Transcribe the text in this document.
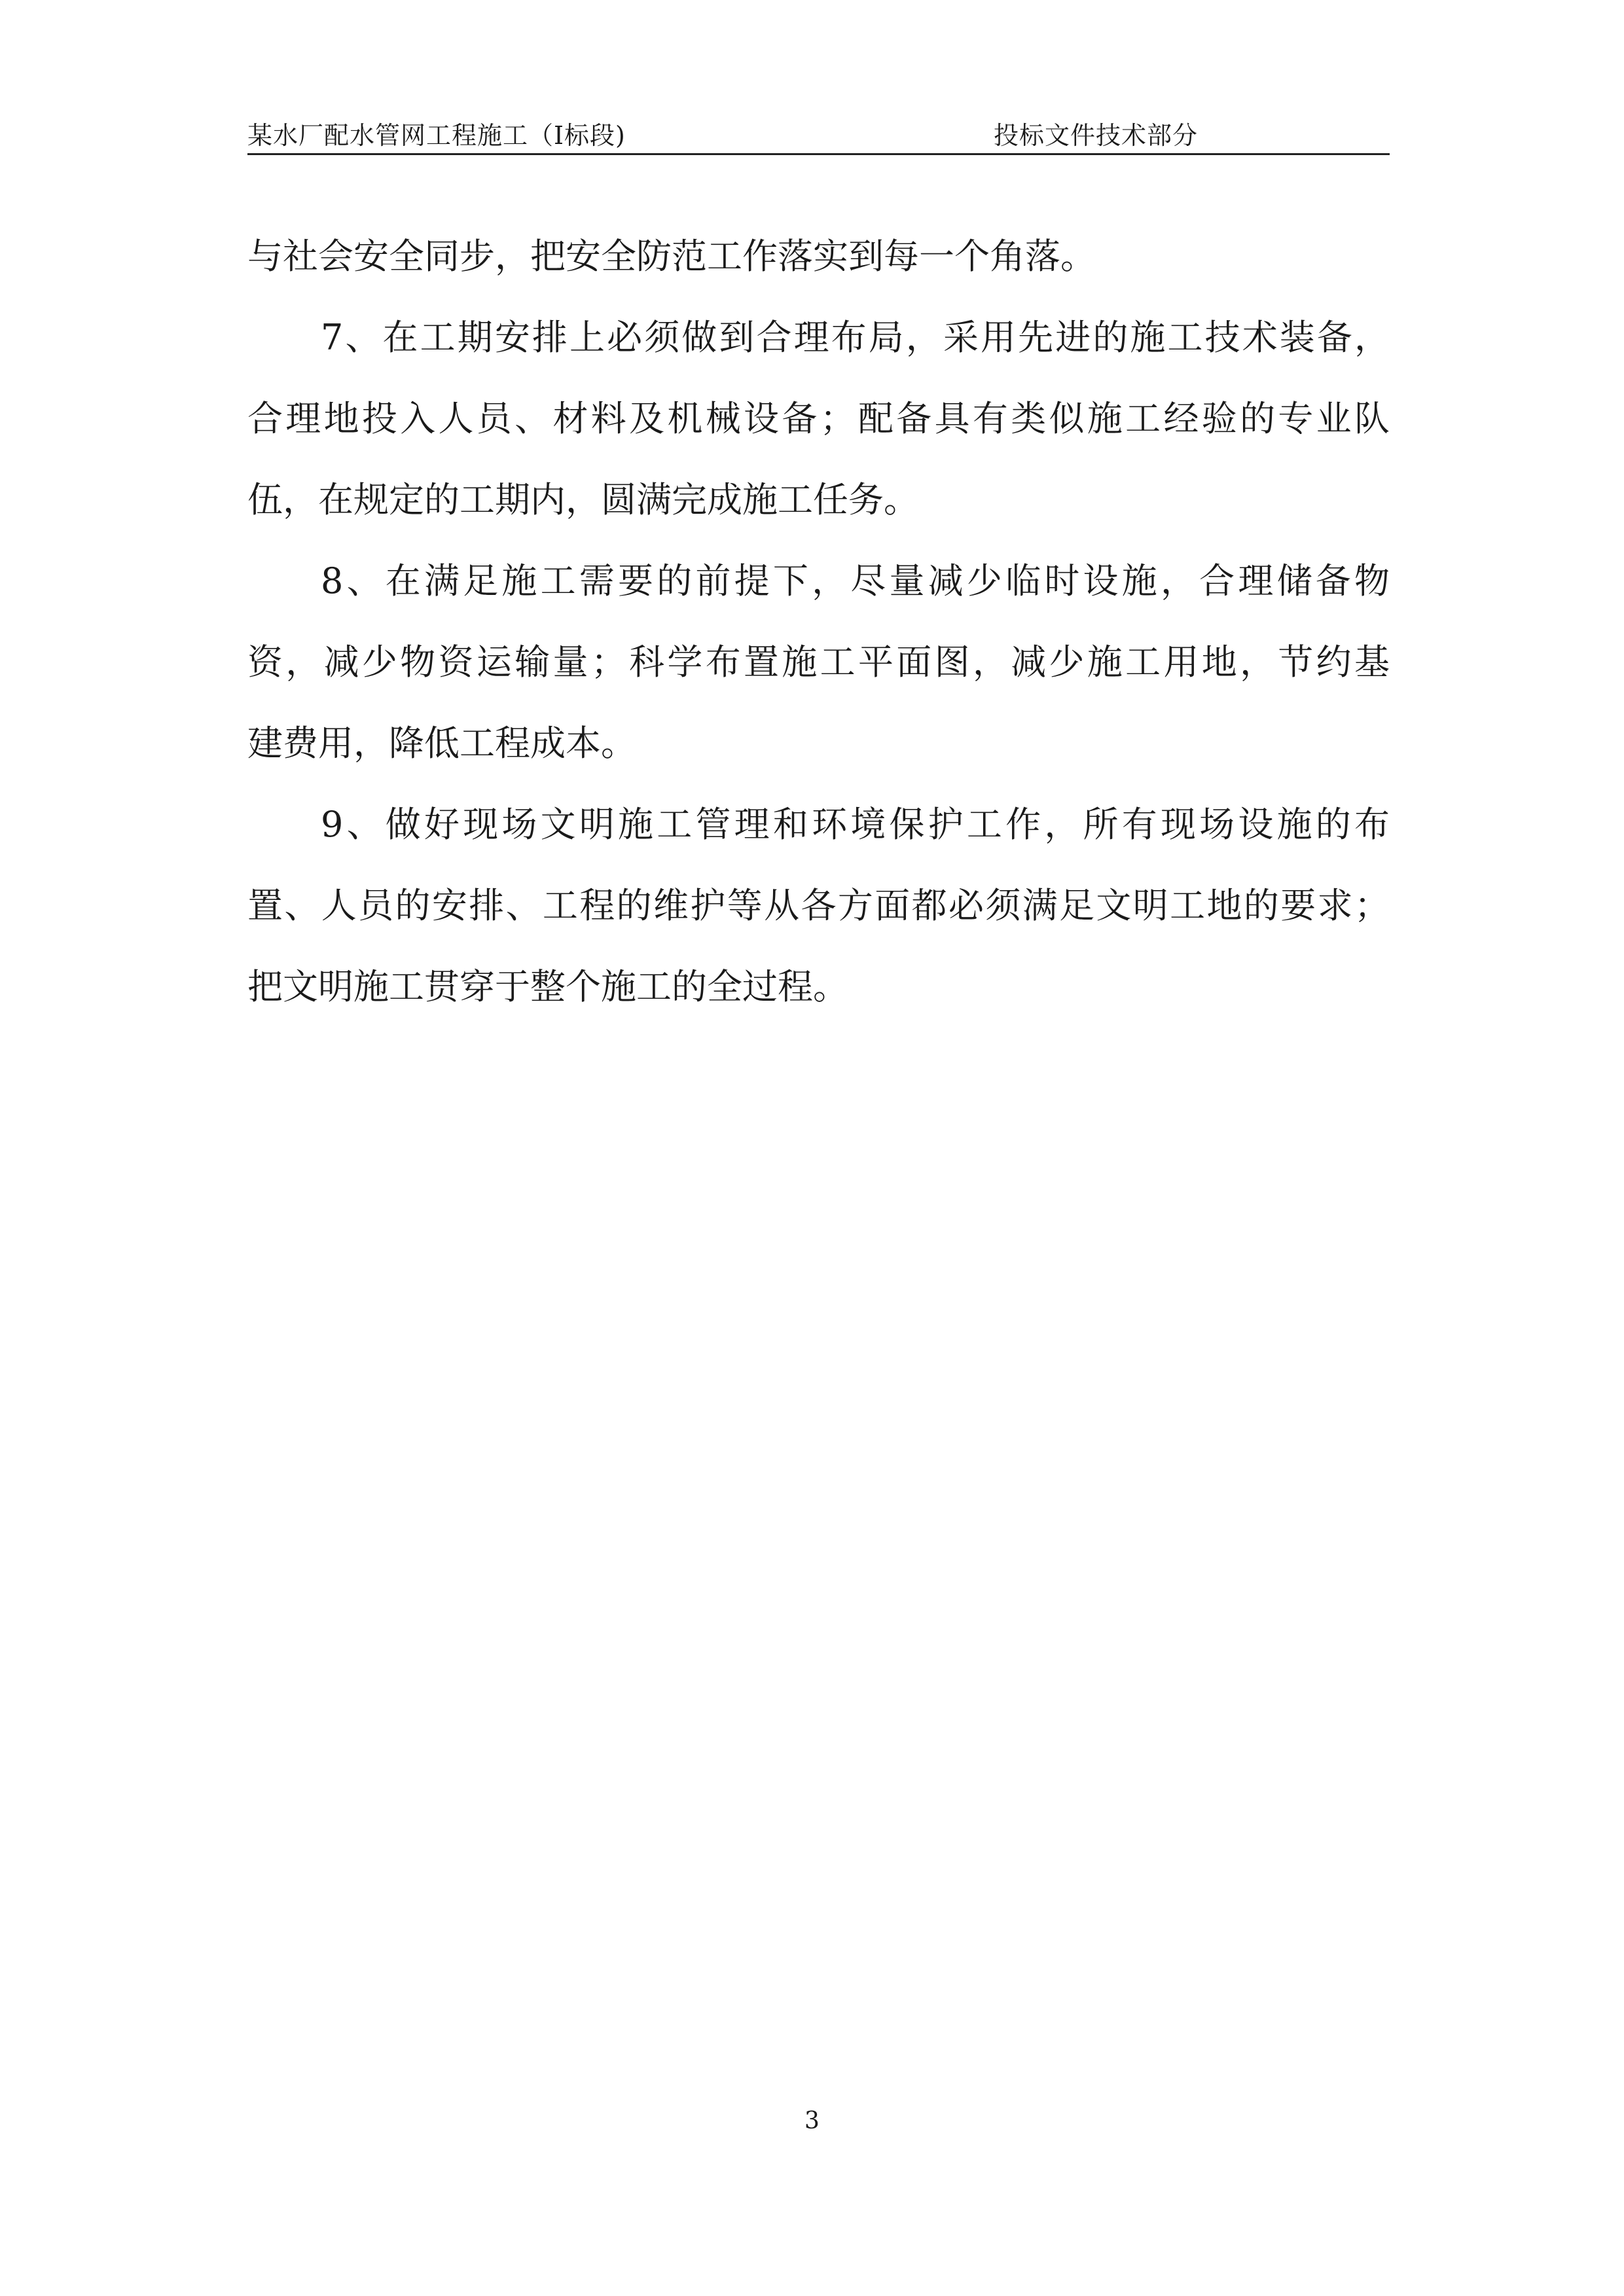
某水厂配水管网工程施工（Ⅰ标段)	投标文件技术部分
与社会安全同步，把安全防范工作落实到每一个角落。
7、在工期安排上必须做到合理布局，采用先进的施工技术装备，
合理地投入人员、材料及机械设备；配备具有类似施工经验的专业队
伍，在规定的工期内，圆满完成施工任务。
8、在满足施工需要的前提下，尽量减少临时设施，合理储备物
资，减少物资运输量；科学布置施工平面图，减少施工用地，节约基
建费用，降低工程成本。
9、做好现场文明施工管理和环境保护工作，所有现场设施的布
置、人员的安排、工程的维护等从各方面都必须满足文明工地的要求；
把文明施工贯穿于整个施工的全过程。
3
